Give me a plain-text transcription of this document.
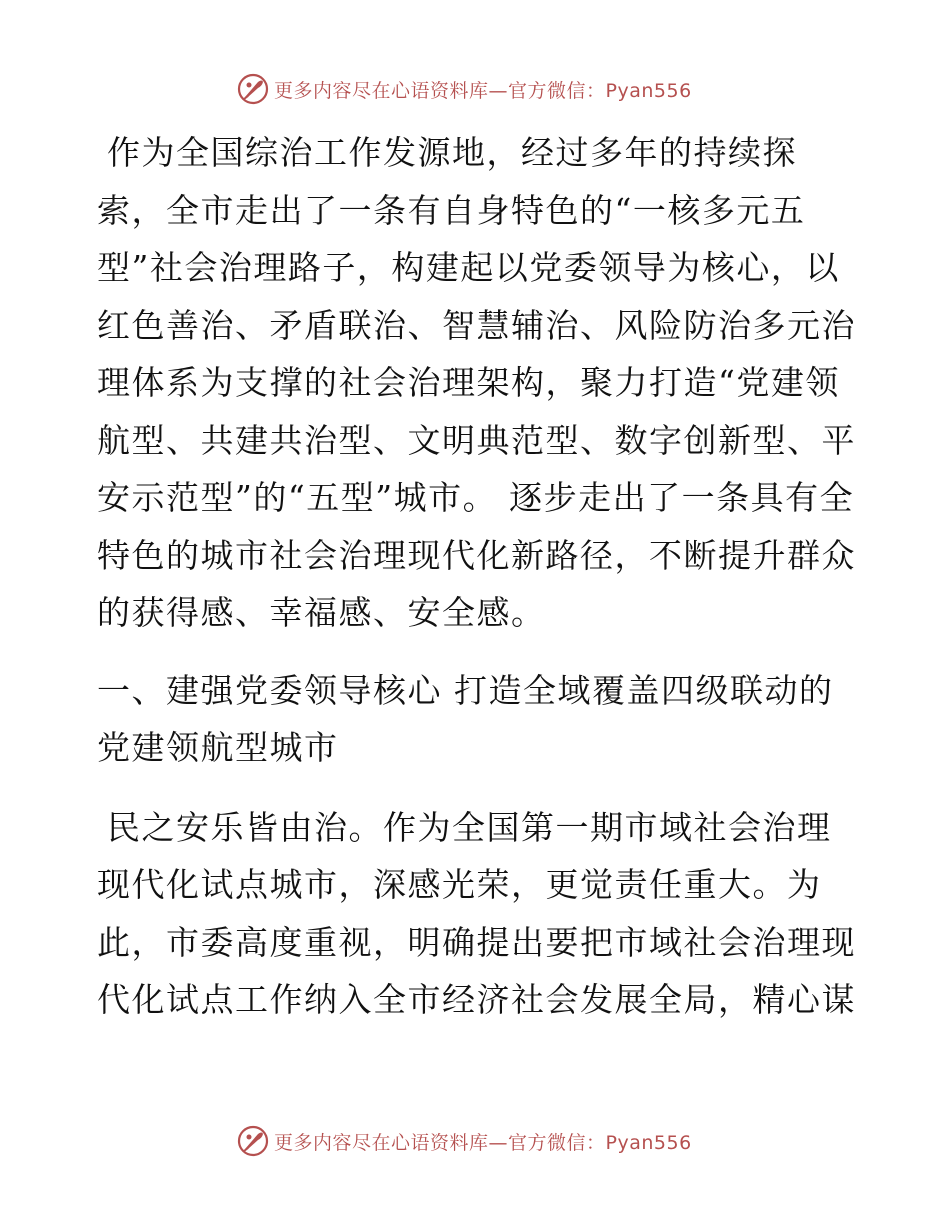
更多内容尽在心语资料库—官方微信：Pyan556

作为全国综治工作发源地，经过多年的持续探索，全市走出了一条有自身特色的“一核多元五型”社会治理路子，构建起以党委领导为核心，以红色善治、矛盾联治、智慧辅治、风险防治多元治理体系为支撑的社会治理架构，聚力打造“党建领航型、共建共治型、文明典范型、数字创新型、平安示范型”的“五型”城市。 逐步走出了一条具有全特色的城市社会治理现代化新路径，不断提升群众的获得感、幸福感、安全感。

一、建强党委领导核心 打造全域覆盖四级联动的党建领航型城市

民之安乐皆由治。作为全国第一期市域社会治理现代化试点城市，深感光荣，更觉责任重大。为此，市委高度重视，明确提出要把市域社会治理现代化试点工作纳入全市经济社会发展全局，精心谋

更多内容尽在心语资料库—官方微信：Pyan556
